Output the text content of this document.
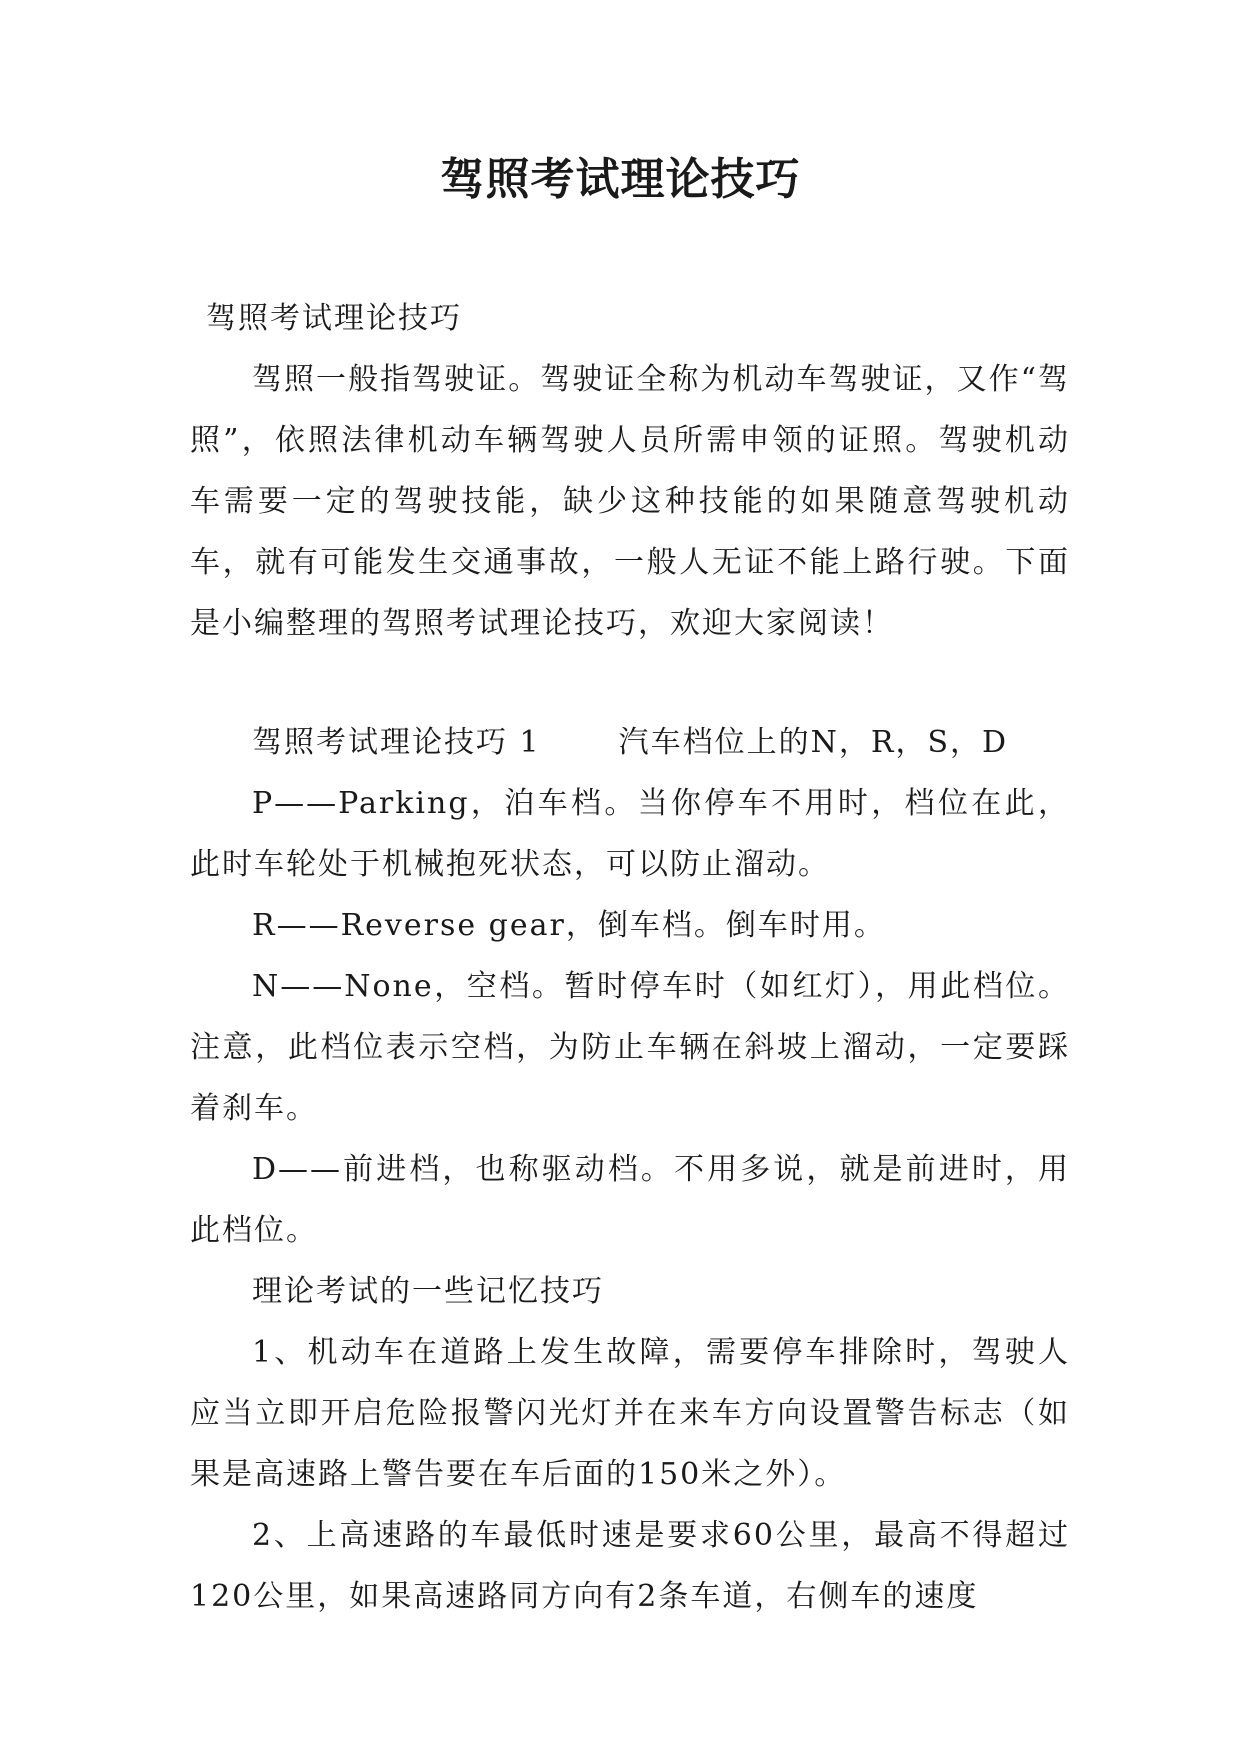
驾照考试理论技巧

驾照考试理论技巧

驾照一般指驾驶证。驾驶证全称为机动车驾驶证，又作“驾照”，依照法律机动车辆驾驶人员所需申领的证照。驾驶机动车需要一定的驾驶技能，缺少这种技能的如果随意驾驶机动车，就有可能发生交通事故，一般人无证不能上路行驶。下面是小编整理的驾照考试理论技巧，欢迎大家阅读！

驾照考试理论技巧 1	汽车档位上的N，R，S，D

P——Parking，泊车档。当你停车不用时，档位在此，此时车轮处于机械抱死状态，可以防止溜动。

R——Reverse gear，倒车档。倒车时用。

N——None，空档。暂时停车时（如红灯），用此档位。注意，此档位表示空档，为防止车辆在斜坡上溜动，一定要踩着刹车。

D——前进档，也称驱动档。不用多说，就是前进时，用此档位。

理论考试的一些记忆技巧

1、机动车在道路上发生故障，需要停车排除时，驾驶人应当立即开启危险报警闪光灯并在来车方向设置警告标志（如果是高速路上警告要在车后面的150米之外）。

2、上高速路的车最低时速是要求60公里，最高不得超过120公里，如果高速路同方向有2条车道，右侧车的速度
